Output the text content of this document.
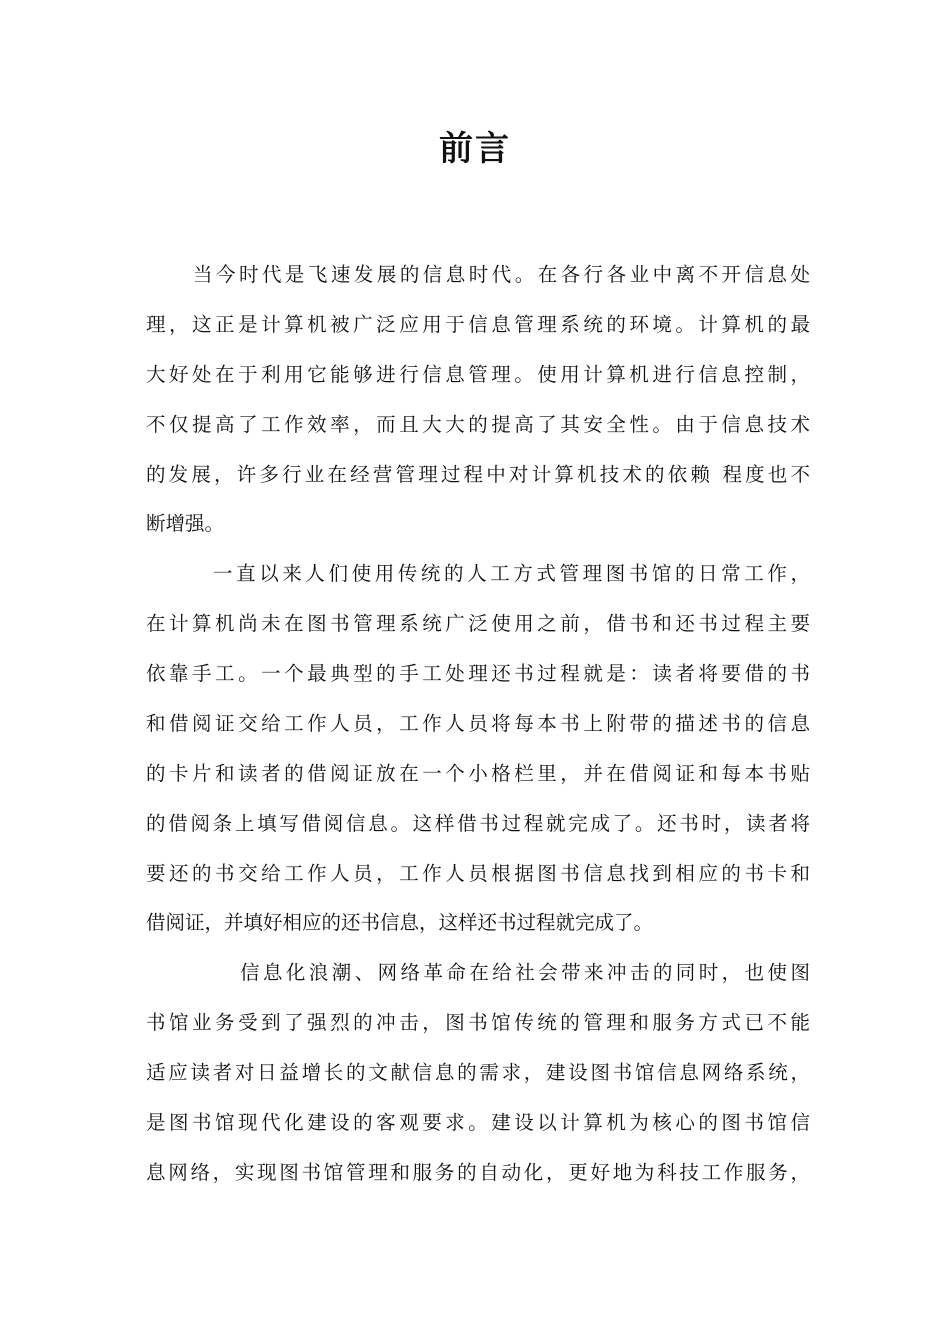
前言

当今时代是飞速发展的信息时代。在各行各业中离不开信息处

理，这正是计算机被广泛应用于信息管理系统的环境。计算机的最

大好处在于利用它能够进行信息管理。使用计算机进行信息控制，

不仅提高了工作效率，而且大大的提高了其安全性。由于信息技术

的发展，许多行业在经营管理过程中对计算机技术的依赖 程度也不

断增强。

一直以来人们使用传统的人工方式管理图书馆的日常工作，

在计算机尚未在图书管理系统广泛使用之前，借书和还书过程主要

依靠手工。一个最典型的手工处理还书过程就是：读者将要借的书

和借阅证交给工作人员，工作人员将每本书上附带的描述书的信息

的卡片和读者的借阅证放在一个小格栏里，并在借阅证和每本书贴

的借阅条上填写借阅信息。这样借书过程就完成了。还书时，读者将

要还的书交给工作人员，工作人员根据图书信息找到相应的书卡和

借阅证，并填好相应的还书信息，这样还书过程就完成了。

信息化浪潮、网络革命在给社会带来冲击的同时，也使图

书馆业务受到了强烈的冲击，图书馆传统的管理和服务方式已不能

适应读者对日益增长的文献信息的需求，建设图书馆信息网络系统，

是图书馆现代化建设的客观要求。建设以计算机为核心的图书馆信

息网络，实现图书馆管理和服务的自动化，更好地为科技工作服务，
